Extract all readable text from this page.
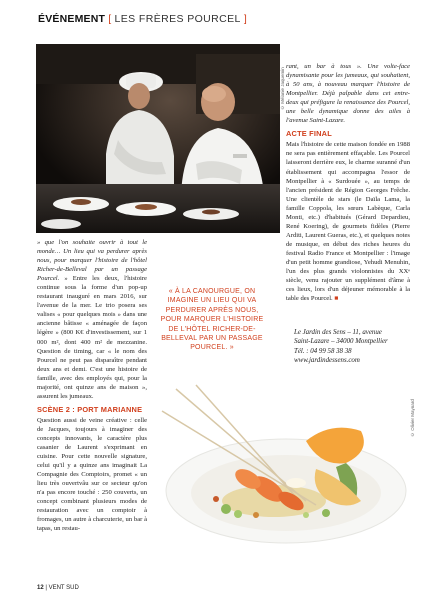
ÉVÉNEMENT [ LES FRÈRES POURCEL ]
© Mélanie Jaquemin

rant, un bar à tous ». Une volte-face dynamisante pour les jumeaux, qui souhaitent, à 50 ans, à nouveau marquer l'histoire de Montpellier. Déjà palpable dans cet entre-deux qui préfigure la renaissance des Pourcel, une belle dynamique donne des ailes à l'avenue Saint-Lazare.

ACTE FINAL

Mais l'histoire de cette maison fondée en 1988 ne sera pas entièrement effaçable. Les Pourcel laisseront derrière eux, le charme suranné d'un établissement qui accompagna l'essor de Montpellier à « Surdouée », au temps de l'ancien président de Région Georges Frêche. Une clientèle de stars (le Daïla Lama, la famille Coppola, les sœurs Labèque, Carla Monti, etc.) d'habitués (Gérard Depardieu, René Koering), de gourmets fidèles (Pierre Arditi, Laurent Gueras, etc.), et quelques notes de musique, en début des riches heures du festival Radio France et Montpellier : l'image d'un petit homme grandiose, Yehudi Menuhin, l'un des plus grands violonnistes du XXᵉ siècle, venu rajouter un supplément d'âme à ces lieux, lors d'un déjeuner mémorable à la table des Pourcel. ■

Le Jardin des Sens – 11, avenue
Saint-Lazare – 34000 Montpellier
Tél. : 04 99 58 38 38
www.jardindessens.com

» que l'on souhaite ouvrir à tout le monde… Un lieu qui va perdurer après nous, pour marquer l'histoire de l'hôtel Richer-de-Belleval par un passage Pourcel. » Entre les deux, l'histoire continue sous la forme d'un pop-up restaurant inauguré en mars 2016, sur l'avenue de la mer. Le trio posera ses valises « pour quelques mois » dans une ancienne bâtisse « aménagée de façon légère » (800 K€ d'investissement, sur 1 000 m², dont 400 m² de mezzanine. Question de timing, car « le nom des Pourcel ne peut pas disparaître pendant deux ans et demi. C'est une histoire de famille, avec des employés qui, pour la majorité, ont quinze ans de maison », assurent les jumeaux.

SCÈNE 2 : PORT MARIANNE

Question aussi de veine créative : celle de Jacques, toujours à imaginer des concepts innovants, le caractère plus casanier de Laurent s'exprimant en cuisine. Pour cette nouvelle signature, celui qu'il y a quinze ans imaginait La Compagnie des Comptoirs, promet « un lieu très ouvertvâu sur ce secteur qu'on n'a pas encore touché : 250 couverts, un concept combinant plusieurs modes de restauration avec un comptoir à fromages, un autre à charcuterie, un bar à tapas, un restau-

« À LA CANOURGUE, ON IMAGINE UN LIEU QUI VA PERDURER APRÈS NOUS, POUR MARQUER L'HISTOIRE DE L'HÔTEL RICHER-DE-BELLEVAL PAR UN PASSAGE POURCEL. »
© Olivier Maynard
12 | VENT SUD
